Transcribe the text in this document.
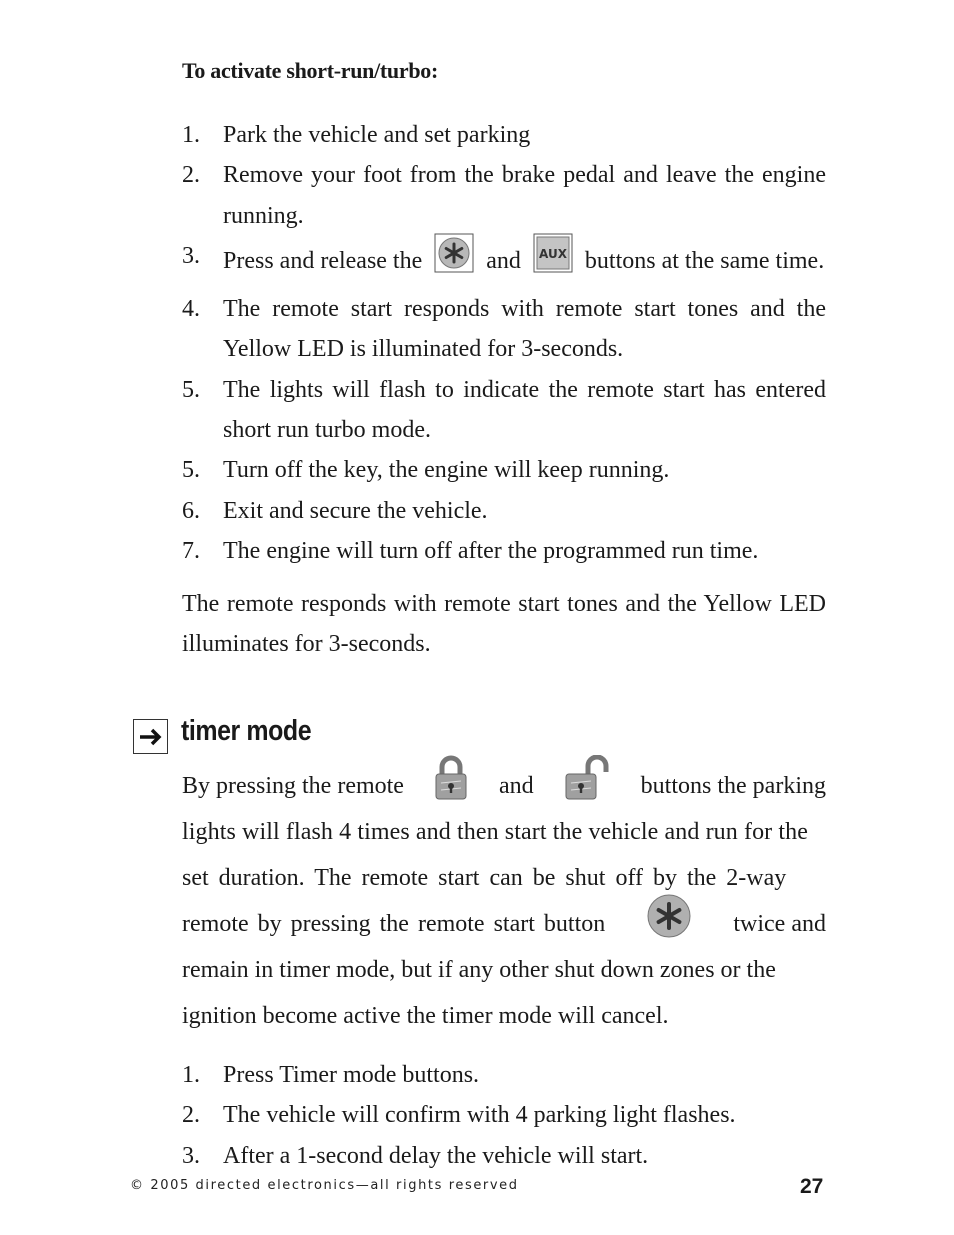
To activate short-run/turbo:
1. Park the vehicle and set parking
2. Remove your foot from the brake pedal and leave the engine running.
3. Press and release the	and AUX buttons at the same time.
4. The remote start responds with remote start tones and the Yellow LED is illuminated for 3-seconds.
5. The lights will flash to indicate the remote start has entered short run turbo mode.
5. Turn off the key, the engine will keep running.
6. Exit and secure the vehicle.
7. The engine will turn off after the programmed run time.

The remote responds with remote start tones and the Yellow LED illuminates for 3-seconds.

timer mode
By pressing the remote	and	buttons the parking
lights will flash 4 times and then start the vehicle and run for the
set duration. The remote start can be shut off by the 2-way
remote by pressing the remote start button	twice and
remain in timer mode, but if any other shut down zones or the
ignition become active the timer mode will cancel.
1. Press Timer mode buttons.
2. The vehicle will confirm with 4 parking light flashes.
3. After a 1-second delay the vehicle will start.
© 2005 directed electronics—all rights reserved	27
